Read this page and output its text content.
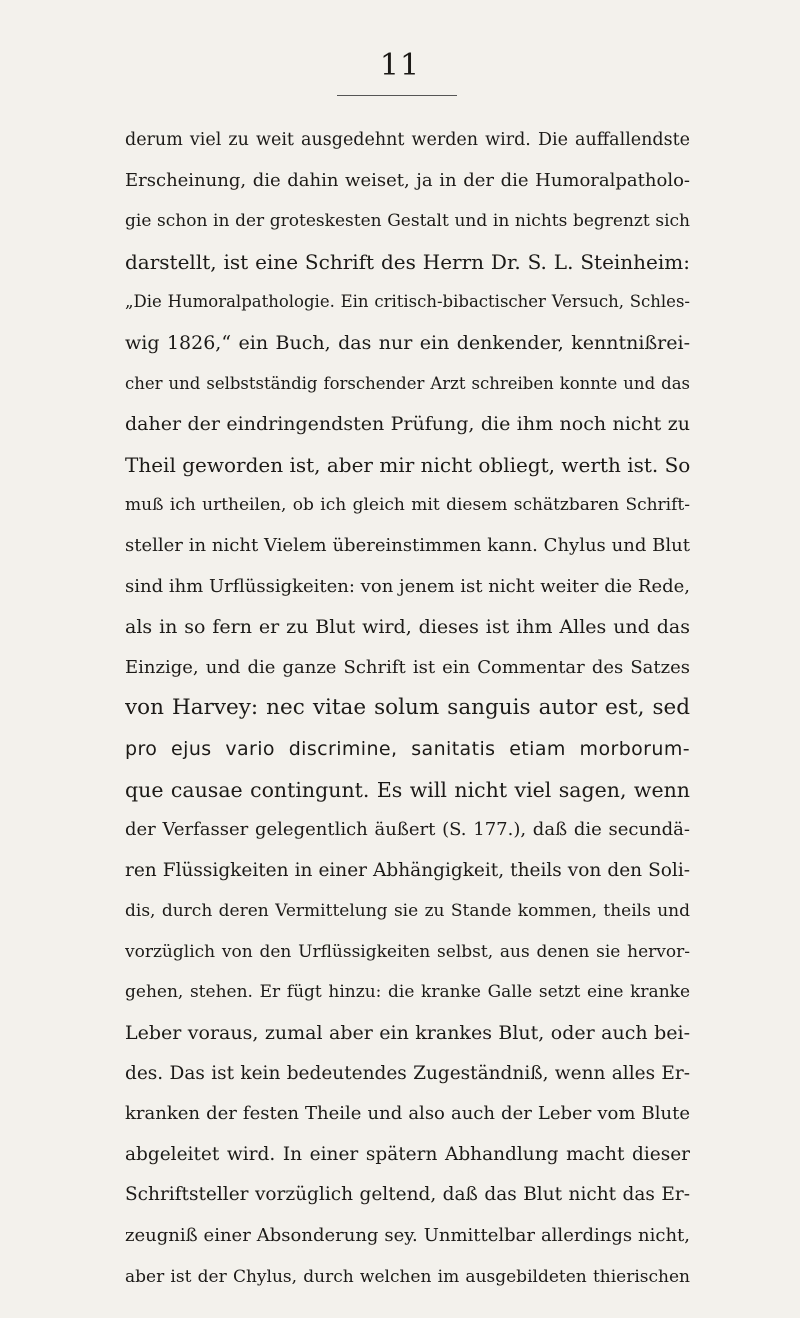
11
derum viel zu weit ausgedehnt werden wird. Die auffallendste
Erscheinung, die dahin weiset, ja in der die Humoralpatholo-
gie schon in der groteskesten Gestalt und in nichts begrenzt sich
darstellt, ist eine Schrift des Herrn Dr. S. L. Steinheim:
„Die Humoralpathologie. Ein critisch-bibactischer Versuch, Schles-
wig 1826,“ ein Buch, das nur ein denkender, kenntnißrei-
cher und selbstständig forschender Arzt schreiben konnte und das
daher der eindringendsten Prüfung, die ihm noch nicht zu
Theil geworden ist, aber mir nicht obliegt, werth ist. So
muß ich urtheilen, ob ich gleich mit diesem schätzbaren Schrift-
steller in nicht Vielem übereinstimmen kann. Chylus und Blut
sind ihm Urflüssigkeiten: von jenem ist nicht weiter die Rede,
als in so fern er zu Blut wird, dieses ist ihm Alles und das
Einzige, und die ganze Schrift ist ein Commentar des Satzes
von Harvey: nec vitae solum sanguis autor est, sed
pro ejus vario discrimine, sanitatis etiam morborum-
que causae contingunt. Es will nicht viel sagen, wenn
der Verfasser gelegentlich äußert (S. 177.), daß die secundä-
ren Flüssigkeiten in einer Abhängigkeit, theils von den Soli-
dis, durch deren Vermittelung sie zu Stande kommen, theils und
vorzüglich von den Urflüssigkeiten selbst, aus denen sie hervor-
gehen, stehen. Er fügt hinzu: die kranke Galle setzt eine kranke
Leber voraus, zumal aber ein krankes Blut, oder auch bei-
des. Das ist kein bedeutendes Zugeständniß, wenn alles Er-
kranken der festen Theile und also auch der Leber vom Blute
abgeleitet wird. In einer spätern Abhandlung macht dieser
Schriftsteller vorzüglich geltend, daß das Blut nicht das Er-
zeugniß einer Absonderung sey. Unmittelbar allerdings nicht,
aber ist der Chylus, durch welchen im ausgebildeten thierischen
